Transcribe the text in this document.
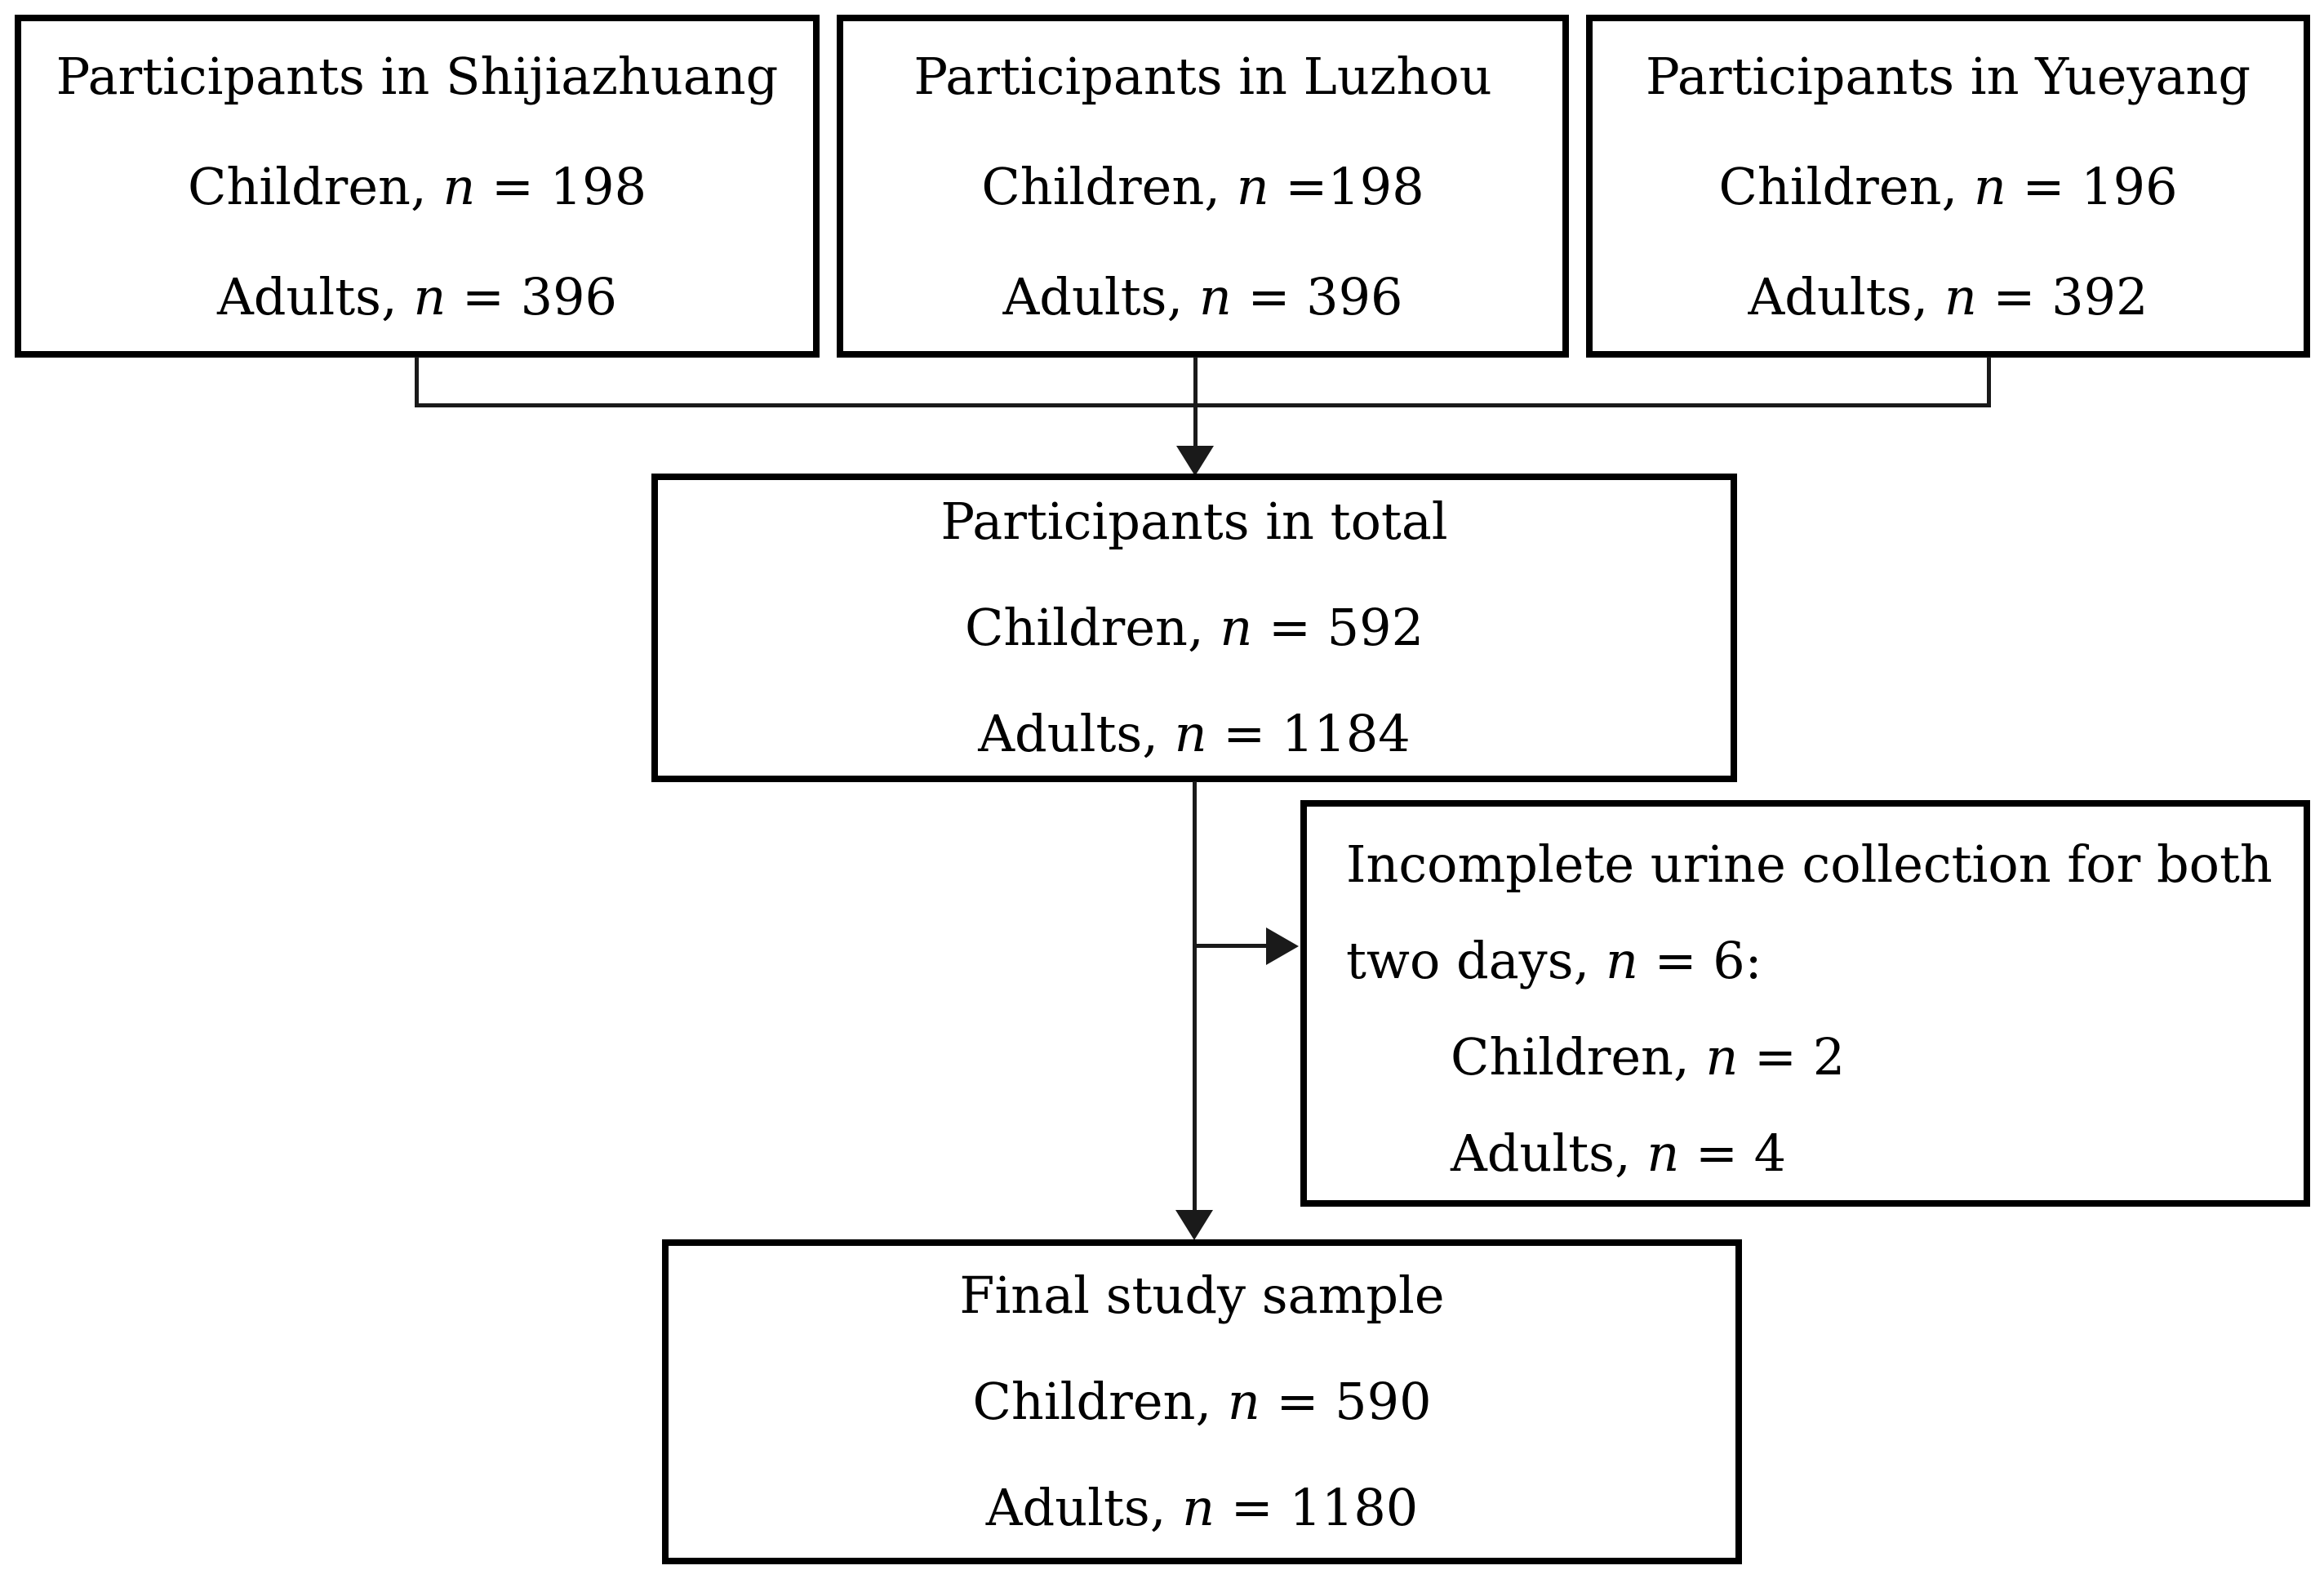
Participants in Shijiazhuang
Children, n = 198
Adults, n = 396
Participants in Luzhou
Children, n =198
Adults, n = 396
Participants in Yueyang
Children, n = 196
Adults, n = 392
Participants in total
Children, n = 592
Adults, n = 1184
Incomplete urine collection for both
two days, n = 6:
Children, n = 2
Adults, n = 4
Final study sample
Children, n = 590
Adults, n = 1180
